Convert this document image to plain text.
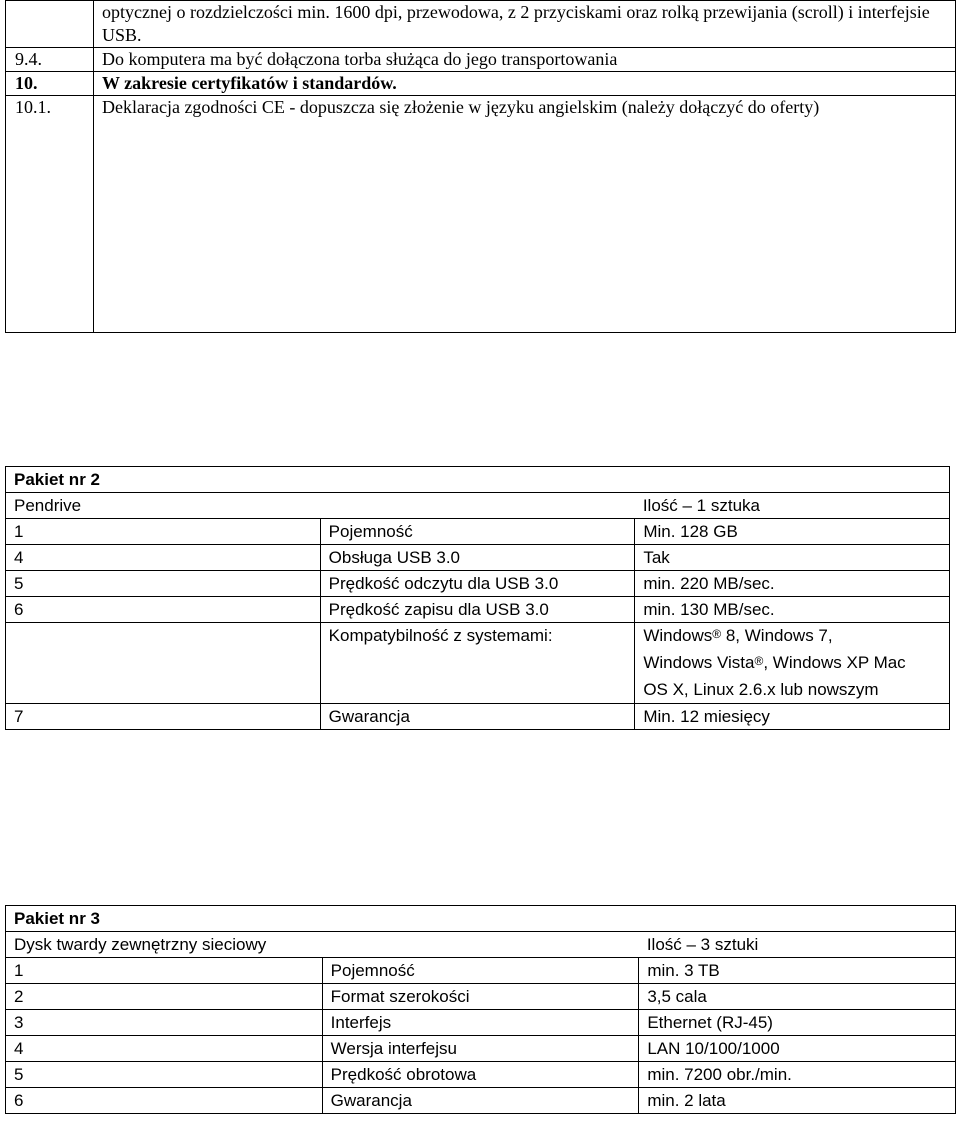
	optycznej o rozdzielczości min. 1600 dpi, przewodowa, z 2 przyciskami oraz rolką przewijania (scroll) i interfejsie USB.
9.4.	Do komputera ma być dołączona torba służąca do jego transportowania
10.	W zakresie certyfikatów i standardów.
10.1.	Deklaracja zgodności CE - dopuszcza się złożenie w języku angielskim (należy dołączyć do oferty)
Pakiet nr 2		
Pendrive		Ilość – 1 sztuka
1	Pojemność	Min. 128 GB
4	Obsługa USB 3.0	Tak
5	Prędkość odczytu dla USB 3.0	min. 220 MB/sec.
6	Prędkość zapisu dla USB 3.0	min. 130 MB/sec.
	Kompatybilność z systemami:	Windows® 8, Windows 7,
Windows Vista®, Windows XP Mac
OS X, Linux 2.6.x lub nowszym

7	Gwarancja	Min. 12 miesięcy
Pakiet nr 3		
Dysk twardy zewnętrzny sieciowy		Ilość – 3 sztuki
1	Pojemność	min. 3 TB
2	Format szerokości	3,5 cala
3	Interfejs	Ethernet (RJ-45)
4	Wersja interfejsu	LAN 10/100/1000
5	Prędkość obrotowa	min. 7200 obr./min.
6	Gwarancja	min. 2 lata
